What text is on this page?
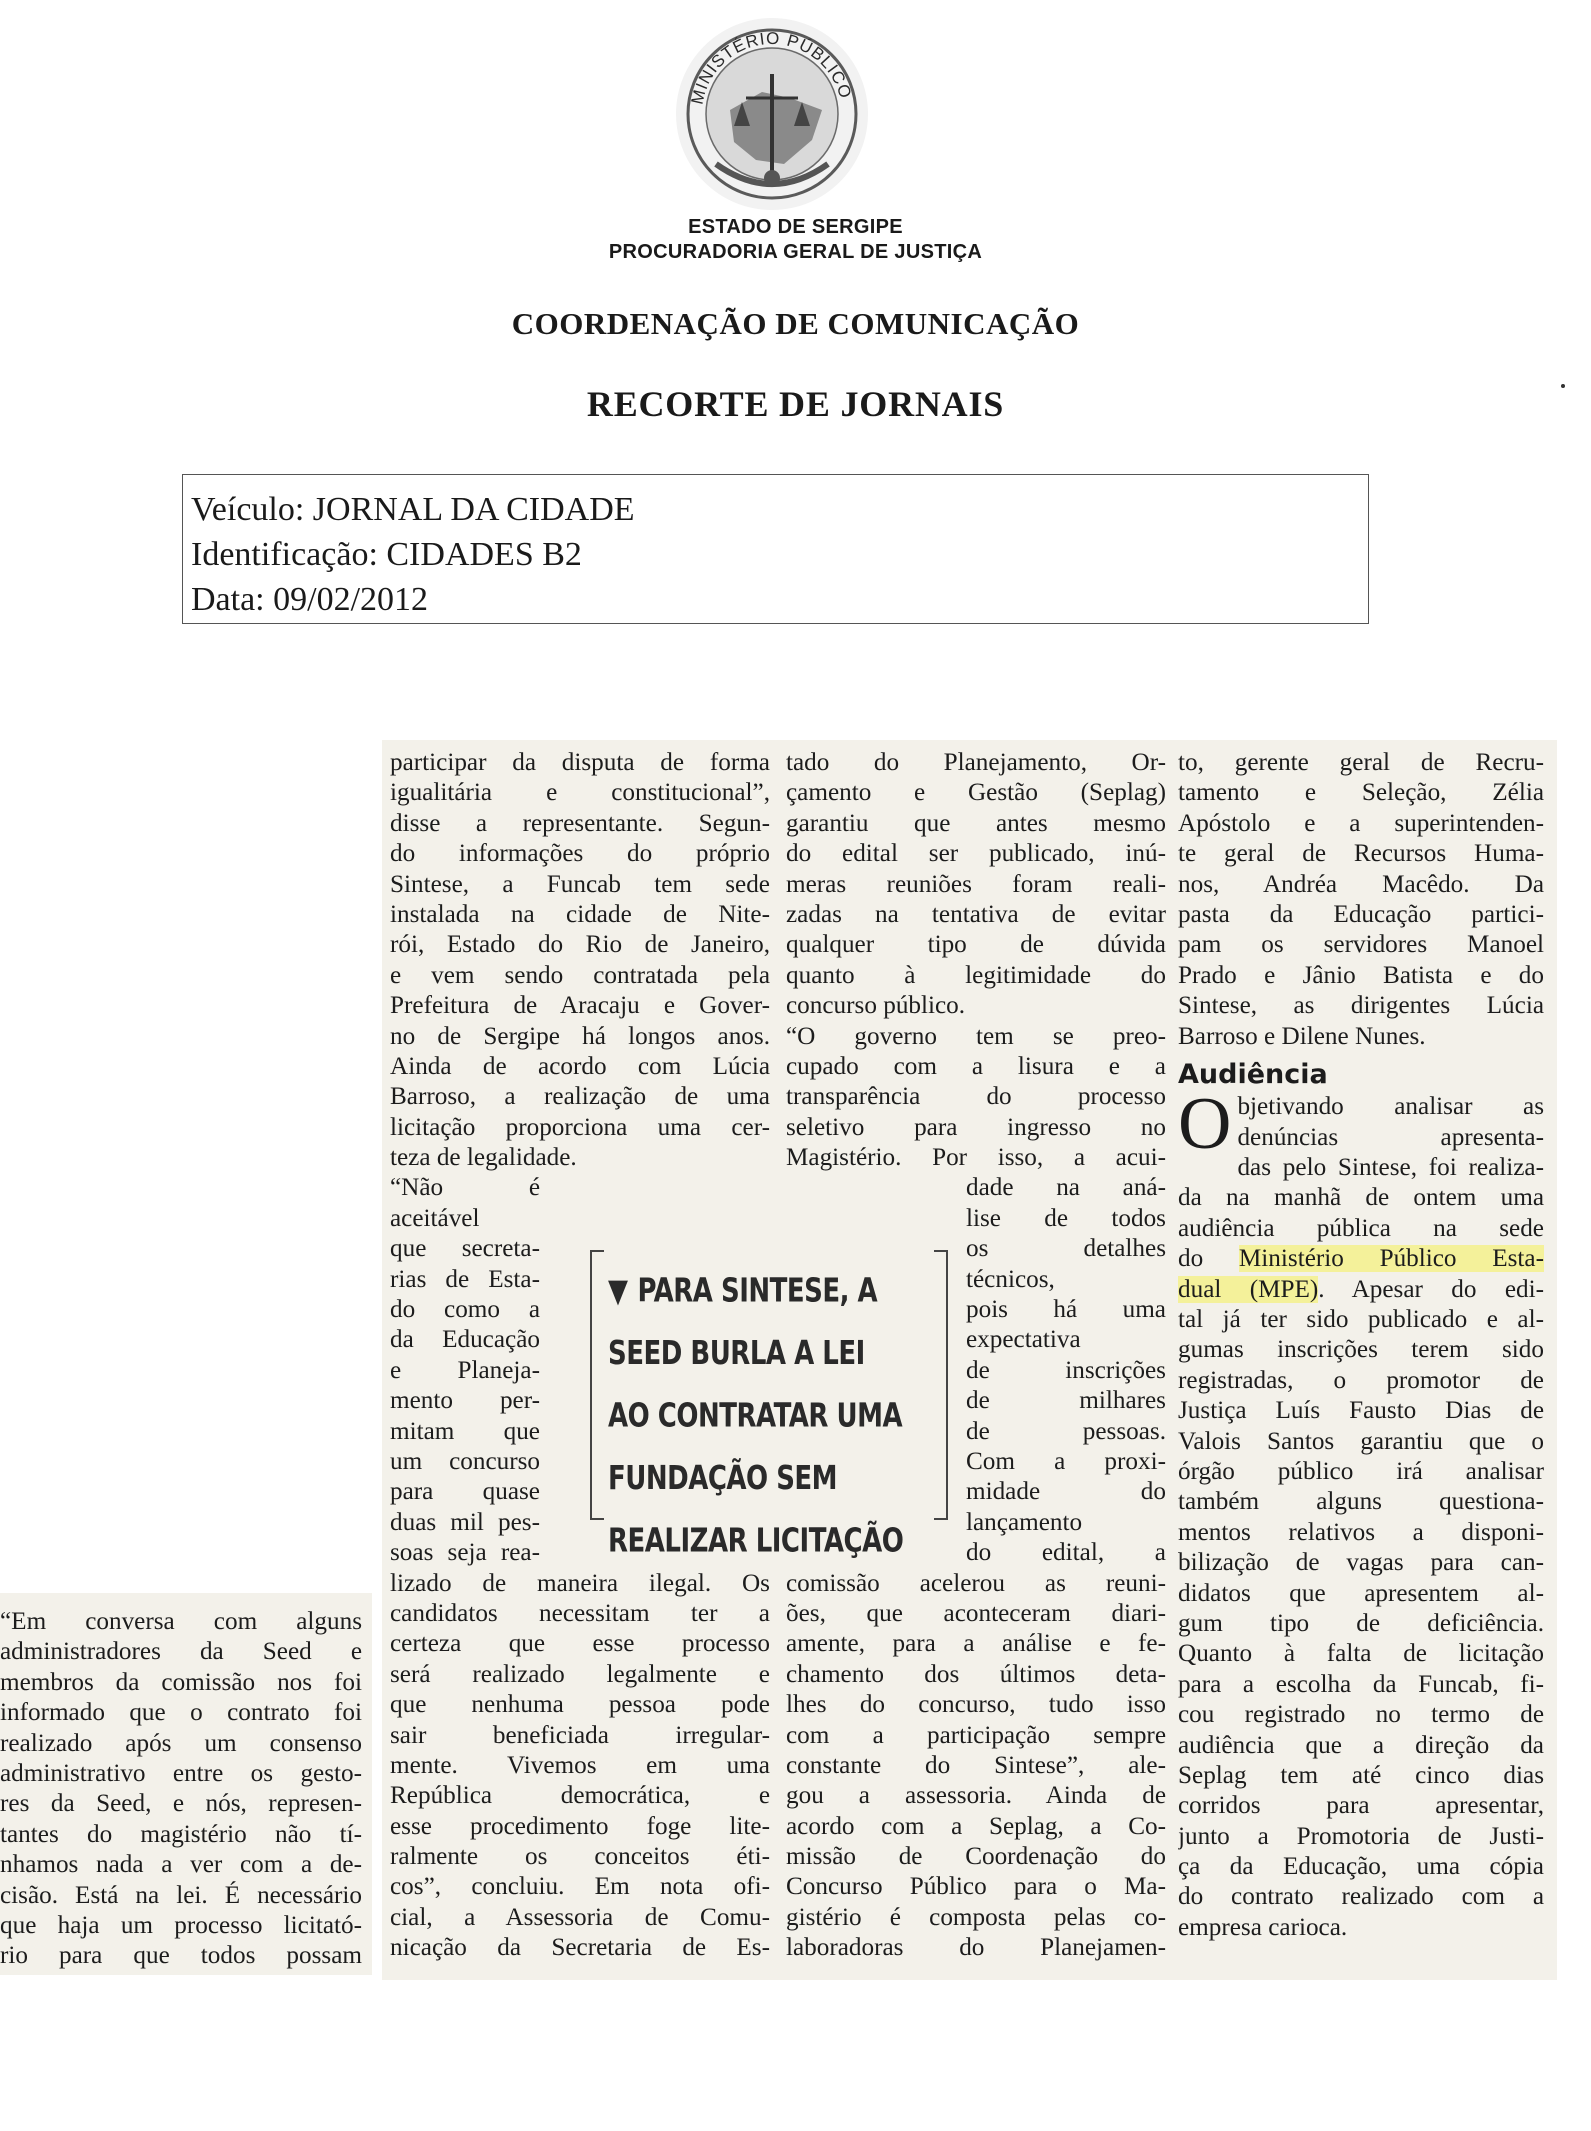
MINISTÉRIO PÚBLICO
ESTADO DE SERGIPE
PROCURADORIA GERAL DE JUSTIÇA
COORDENAÇÃO DE COMUNICAÇÃO
RECORTE DE JORNAIS
Veículo: JORNAL DA CIDADE
Identificação: CIDADES B2
Data: 09/02/2012
“Em conversa com alguns
administradores da Seed e
membros da comissão nos foi
informado que o contrato foi
realizado após um consenso
administrativo entre os gesto-
res da Seed, e nós, represen-
tantes do magistério não tí-
nhamos nada a ver com a de-
cisão. Está na lei. É necessário
que haja um processo licitató-
rio para que todos possam
participar da disputa de forma
igualitária e constitucional”,
disse a representante. Segun-
do informações do próprio
Sintese, a Funcab tem sede
instalada na cidade de Nite-
rói, Estado do Rio de Janeiro,
e vem sendo contratada pela
Prefeitura de Aracaju e Gover-
no de Sergipe há longos anos.
Ainda de acordo com Lúcia
Barroso, a realização de uma
licitação proporciona uma cer-
teza de legalidade.
“Não é
aceitável
que secreta-
rias de Esta-
do como a
da Educação
e Planeja-
mento per-
mitam que
um concurso
para quase
duas mil pes-
soas seja rea-
lizado de maneira ilegal. Os
candidatos necessitam ter a
certeza que esse processo
será realizado legalmente e
que nenhuma pessoa pode
sair beneficiada irregular-
mente. Vivemos em uma
República democrática, e
esse procedimento foge lite-
ralmente os conceitos éti-
cos”, concluiu. Em nota ofi-
cial, a Assessoria de Comu-
nicação da Secretaria de Es-
▼ PARA SINTESE, A
SEED BURLA A LEI
AO CONTRATAR UMA
FUNDAÇÃO SEM
REALIZAR LICITAÇÃO
tado do Planejamento, Or-
çamento e Gestão (Seplag)
garantiu que antes mesmo
do edital ser publicado, inú-
meras reuniões foram reali-
zadas na tentativa de evitar
qualquer tipo de dúvida
quanto à legitimidade do
concurso público.
“O governo tem se preo-
cupado com a lisura e a
transparência do processo
seletivo para ingresso no
Magistério. Por isso, a acui-
dade na aná-
lise de todos
os detalhes
técnicos,
pois há uma
expectativa
de inscrições
de milhares
de pessoas.
Com a proxi-
midade do
lançamento
do edital, a
comissão acelerou as reuni-
ões, que aconteceram diari-
amente, para a análise e fe-
chamento dos últimos deta-
lhes do concurso, tudo isso
com a participação sempre
constante do Sintese”, ale-
gou a assessoria. Ainda de
acordo com a Seplag, a Co-
missão de Coordenação do
Concurso Público para o Ma-
gistério é composta pelas co-
laboradoras do Planejamen-
to, gerente geral de Recru-
tamento e Seleção, Zélia
Apóstolo e a superintenden-
te geral de Recursos Huma-
nos, Andréa Macêdo. Da
pasta da Educação partici-
pam os servidores Manoel
Prado e Jânio Batista e do
Sintese, as dirigentes Lúcia
Barroso e Dilene Nunes.
Audiência
O bjetivando analisar as
denúncias apresenta-
das pelo Sintese, foi realiza-
da na manhã de ontem uma
audiência pública na sede
do Ministério Público Esta-
dual (MPE). Apesar do edi-
tal já ter sido publicado e al-
gumas inscrições terem sido
registradas, o promotor de
Justiça Luís Fausto Dias de
Valois Santos garantiu que o
órgão público irá analisar
também alguns questiona-
mentos relativos a disponi-
bilização de vagas para can-
didatos que apresentem al-
gum tipo de deficiência.
Quanto à falta de licitação
para a escolha da Funcab, fi-
cou registrado no termo de
audiência que a direção da
Seplag tem até cinco dias
corridos para apresentar,
junto a Promotoria de Justi-
ça da Educação, uma cópia
do contrato realizado com a
empresa carioca.
